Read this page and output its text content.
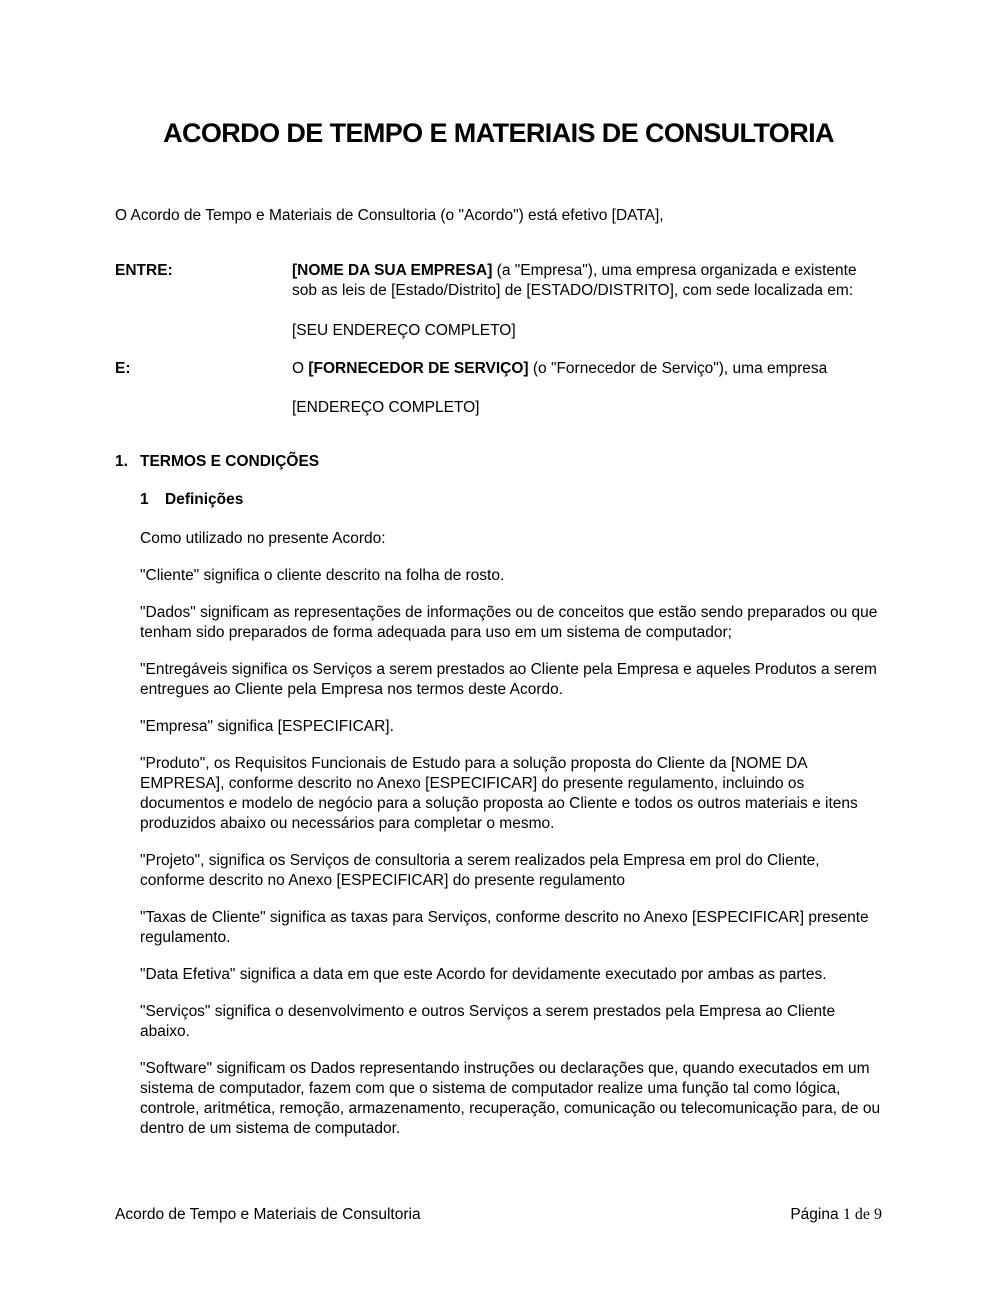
ACORDO DE TEMPO E MATERIAIS DE CONSULTORIA

O Acordo de Tempo e Materiais de Consultoria (o "Acordo") está efetivo [DATA],

ENTRE:	[NOME DA SUA EMPRESA] (a "Empresa"), uma empresa organizada e existente sob as leis de [Estado/Distrito] de [ESTADO/DISTRITO], com sede localizada em:

[SEU ENDEREÇO COMPLETO]

E:	O [FORNECEDOR DE SERVIÇO] (o "Fornecedor de Serviço"), uma empresa

[ENDEREÇO COMPLETO]

1. TERMOS E CONDIÇÕES
1	Definições

Como utilizado no presente Acordo:

"Cliente" significa o cliente descrito na folha de rosto.

"Dados" significam as representações de informações ou de conceitos que estão sendo preparados ou que tenham sido preparados de forma adequada para uso em um sistema de computador;

"Entregáveis significa os Serviços a serem prestados ao Cliente pela Empresa e aqueles Produtos a serem entregues ao Cliente pela Empresa nos termos deste Acordo.

"Empresa" significa [ESPECIFICAR].

"Produto", os Requisitos Funcionais de Estudo para a solução proposta do Cliente da [NOME DA EMPRESA], conforme descrito no Anexo [ESPECIFICAR] do presente regulamento, incluindo os documentos e modelo de negócio para a solução proposta ao Cliente e todos os outros materiais e itens produzidos abaixo ou necessários para completar o mesmo.

"Projeto", significa os Serviços de consultoria a serem realizados pela Empresa em prol do Cliente, conforme descrito no Anexo [ESPECIFICAR] do presente regulamento

"Taxas de Cliente" significa as taxas para Serviços, conforme descrito no Anexo [ESPECIFICAR] presente regulamento.

"Data Efetiva" significa a data em que este Acordo for devidamente executado por ambas as partes.

"Serviços" significa o desenvolvimento e outros Serviços a serem prestados pela Empresa ao Cliente abaixo.

"Software" significam os Dados representando instruções ou declarações que, quando executados em um sistema de computador, fazem com que o sistema de computador realize uma função tal como lógica, controle, aritmética, remoção, armazenamento, recuperação, comunicação ou telecomunicação para, de ou dentro de um sistema de computador.

Acordo de Tempo e Materiais de Consultoria	Página 1 de 9
